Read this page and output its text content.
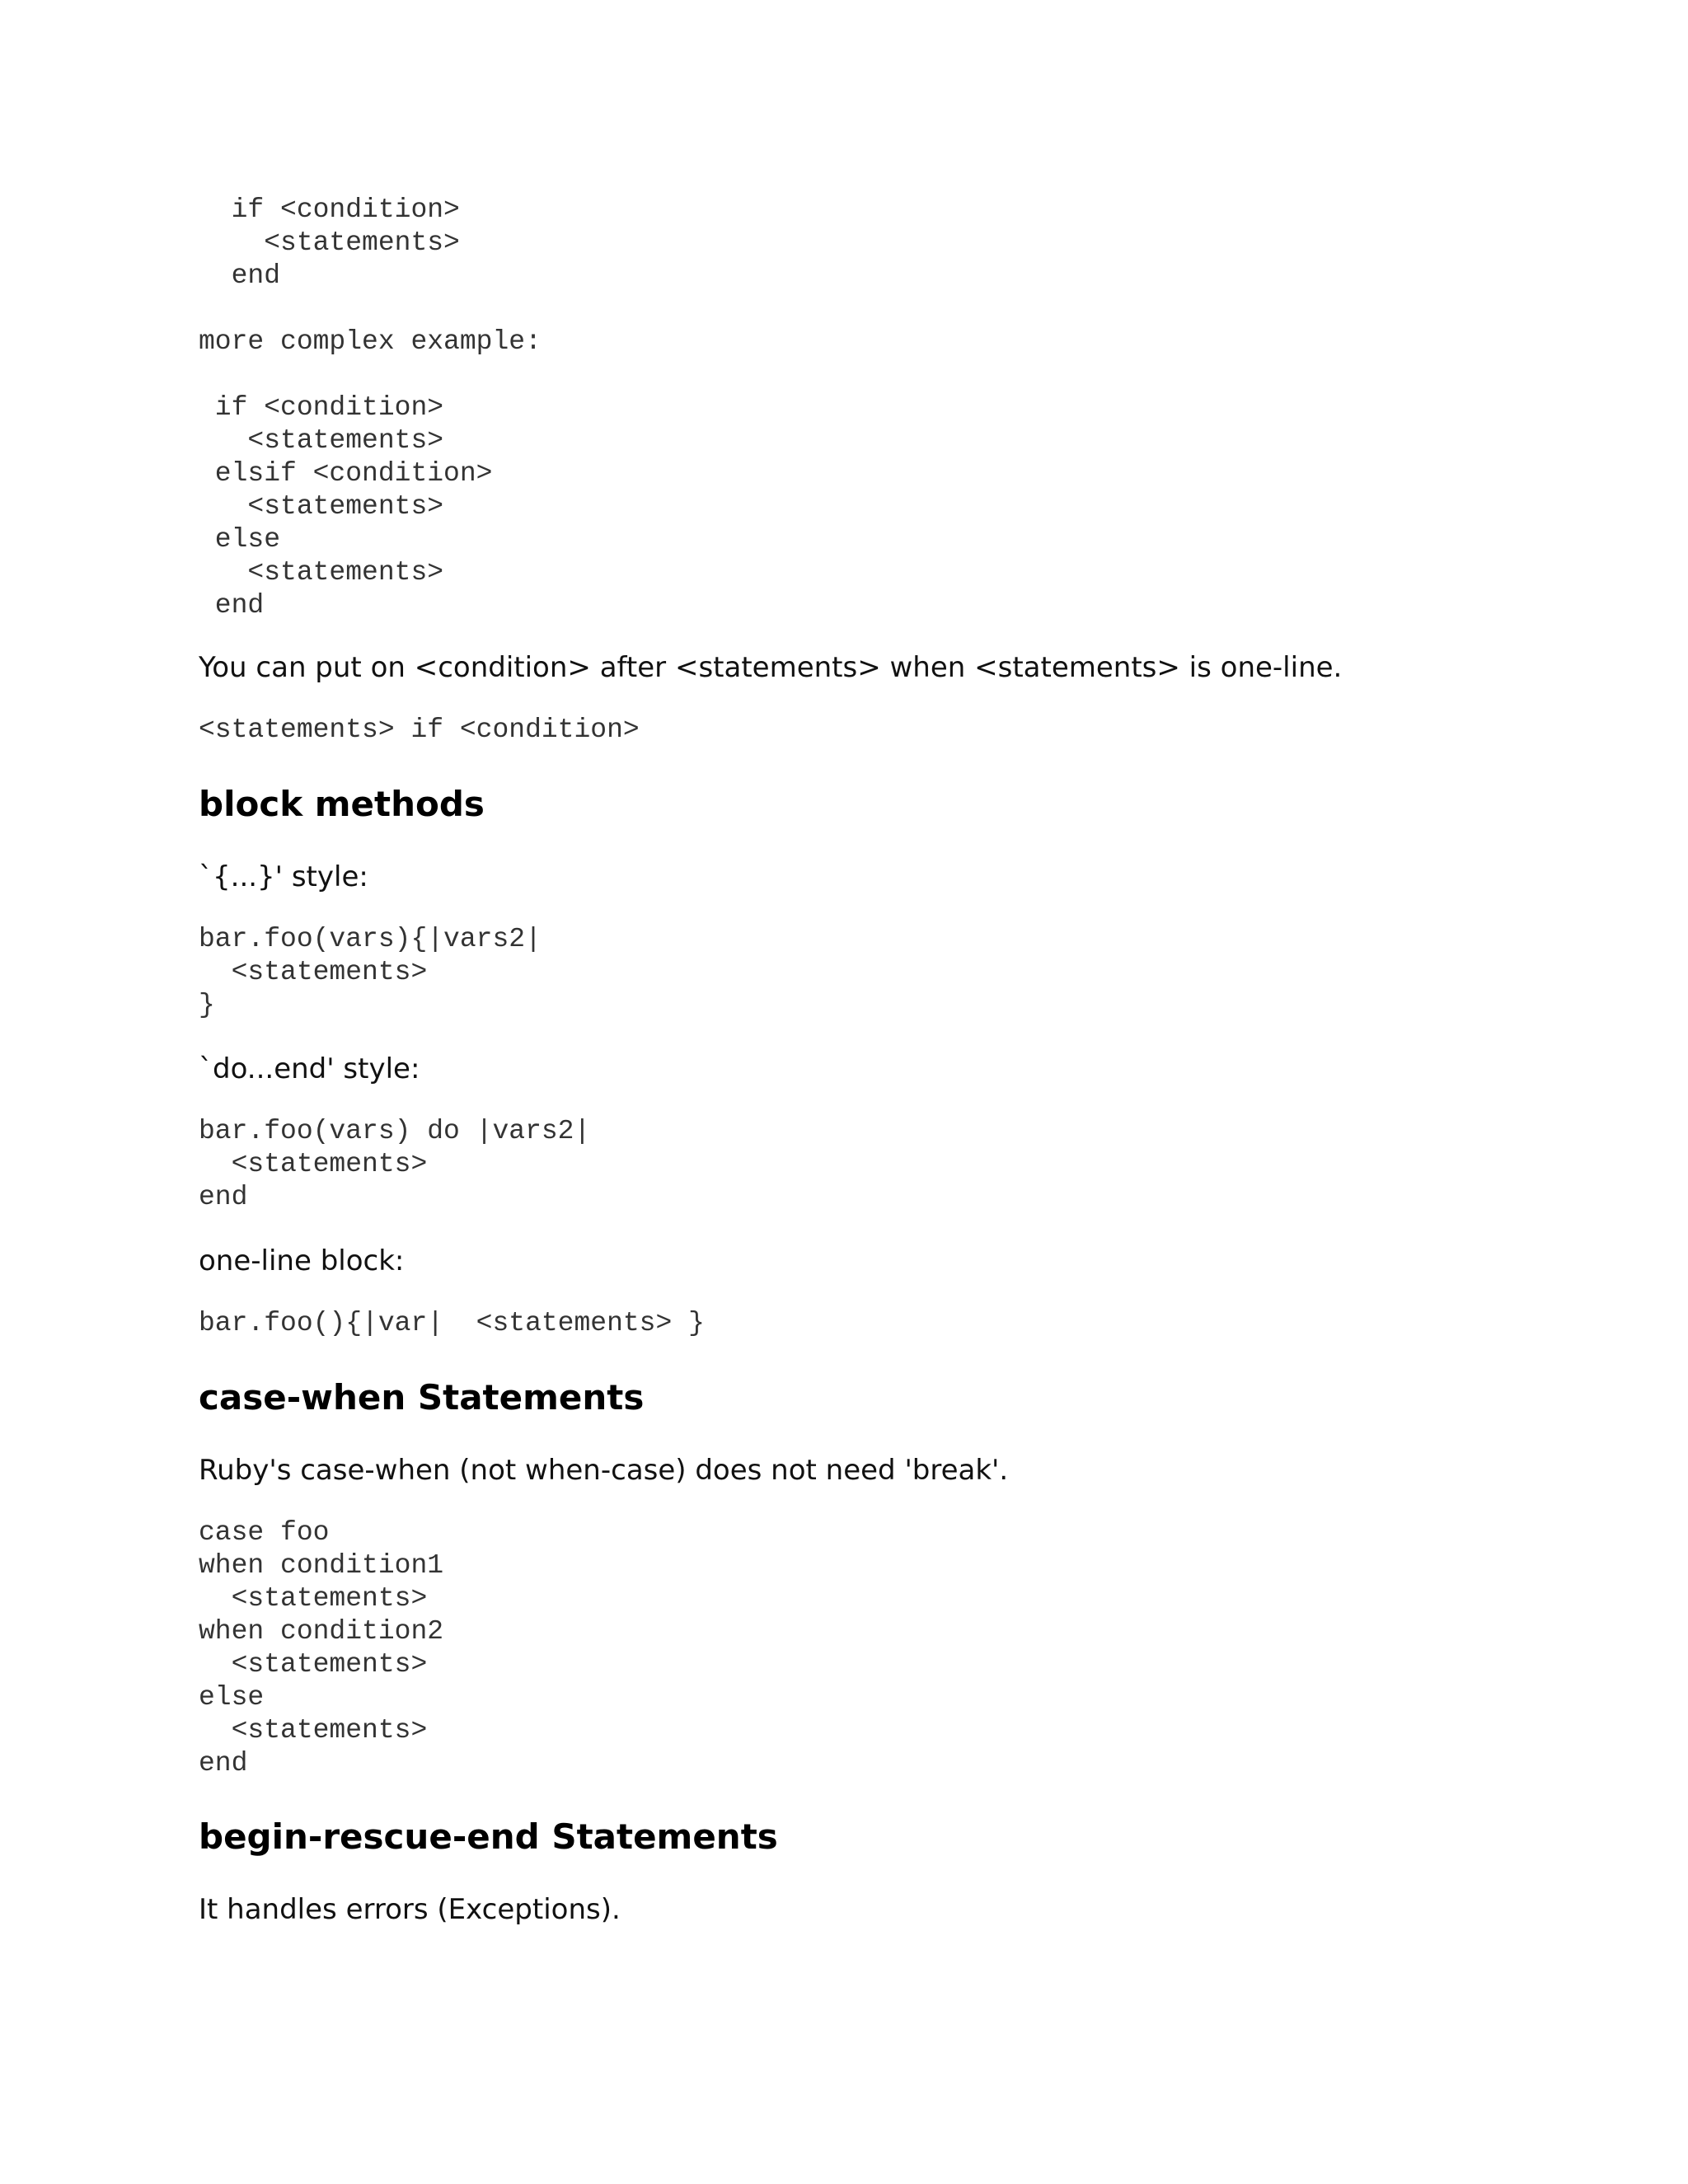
if <condition>
<statements>
end

more complex example:

if <condition>
<statements>
elsif <condition>
<statements>
else
<statements>
end

You can put on <condition> after <statements> when <statements> is one-line.

<statements> if <condition>
block methods

`{...}' style:

bar.foo(vars){|vars2|
<statements>
}

`do...end' style:

bar.foo(vars) do |vars2|
<statements>
end

one-line block:

bar.foo(){|var|  <statements> }
case-when Statements

Ruby's case-when (not when-case) does not need 'break'.

case foo
when condition1
<statements>
when condition2
<statements>
else
<statements>
end
begin-rescue-end Statements

It handles errors (Exceptions).
